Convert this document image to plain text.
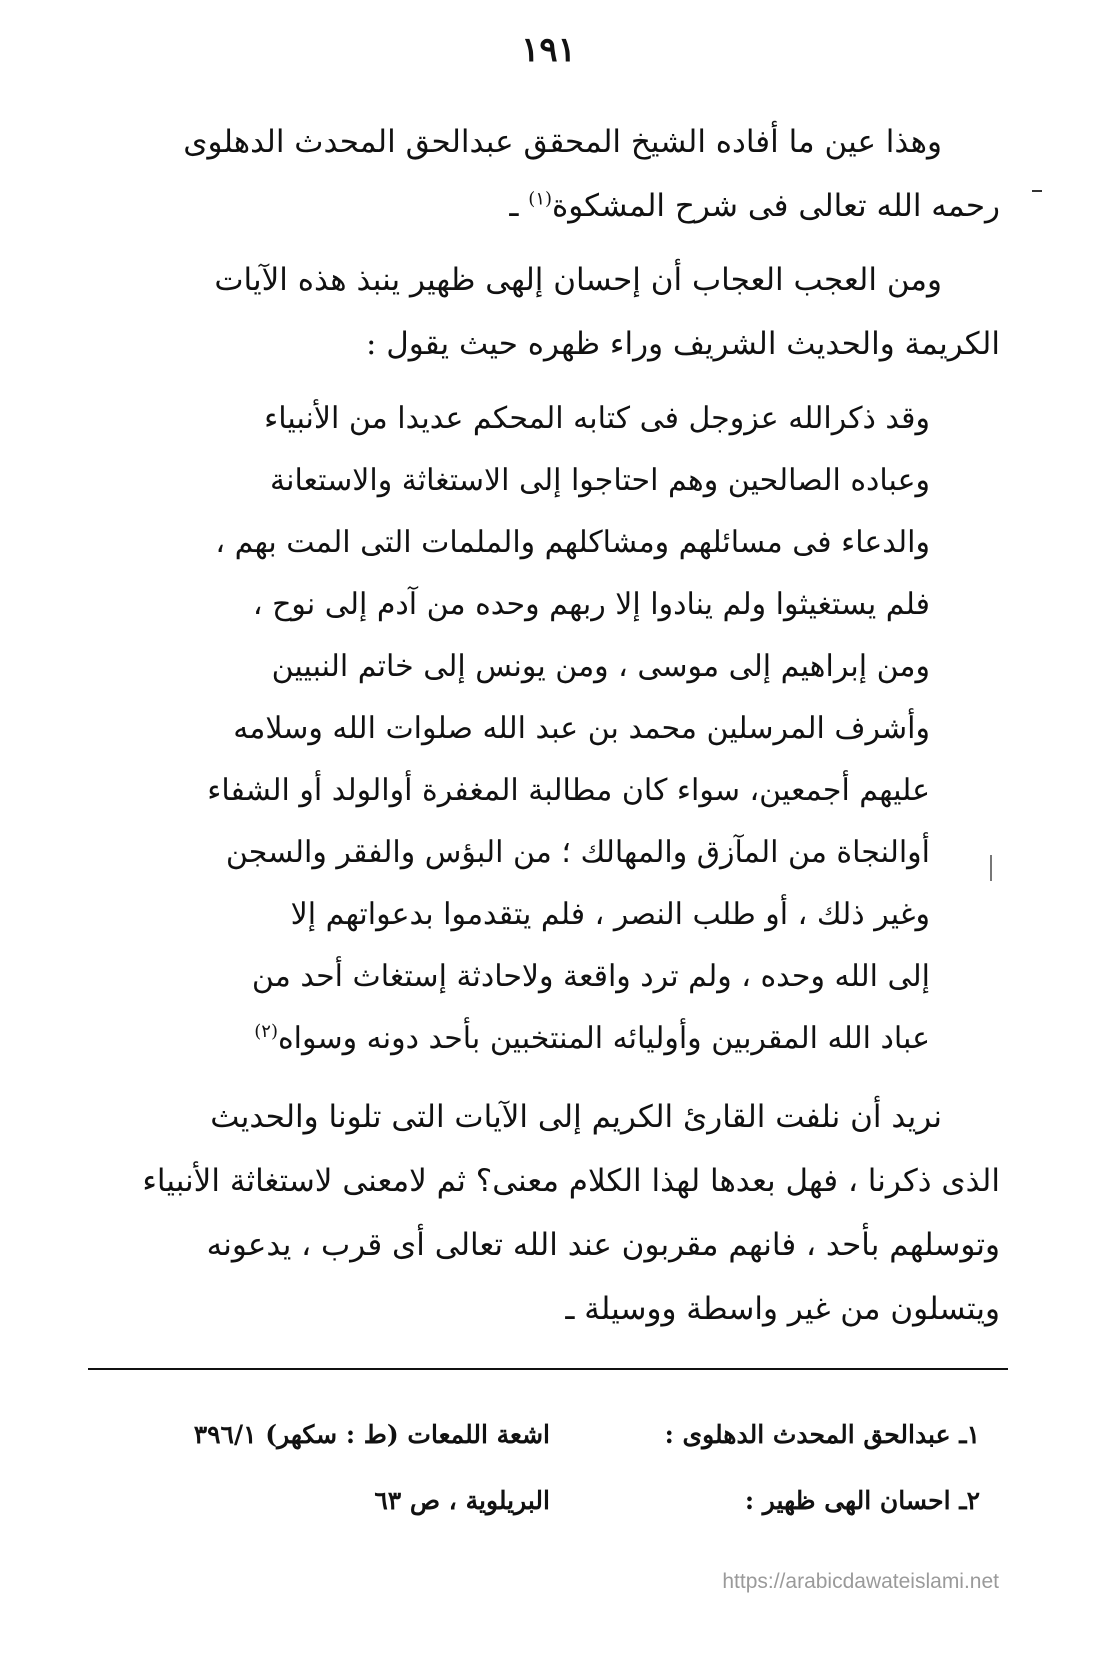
١٩١
وهذا عين ما أفاده الشيخ المحقق عبدالحق المحدث الدهلوى
رحمه الله تعالى فى شرح المشكوة$^{(١)}$ ـ
ومن العجب العجاب أن إحسان إلهى ظهير ينبذ هذه الآيات
الكريمة والحديث الشريف وراء ظهره حيث يقول :
وقد ذكرالله عزوجل فى كتابه المحكم عديدا من الأنبياء
وعباده الصالحين وهم احتاجوا إلى الاستغاثة والاستعانة
والدعاء فى مسائلهم ومشاكلهم والملمات التى المت بهم ،
فلم يستغيثوا ولم ينادوا إلا ربهم وحده من آدم إلى نوح ،
ومن إبراهيم إلى موسى ، ومن يونس إلى خاتم النبيين
وأشرف المرسلين محمد بن عبد الله صلوات الله وسلامه
عليهم أجمعين، سواء كان مطالبة المغفرة أوالولد أو الشفاء
أوالنجاة من المآزق والمهالك ؛ من البؤس والفقر والسجن
وغير ذلك ، أو طلب النصر ، فلم يتقدموا بدعواتهم إلا
إلى الله وحده ، ولم ترد واقعة ولاحادثة إستغاث أحد من
عباد الله المقربين وأوليائه المنتخبين بأحد دونه وسواه$^{(٢)}$
نريد أن نلفت القارئ الكريم إلى الآيات التى تلونا والحديث
الذى ذكرنا ، فهل بعدها لهذا الكلام معنى؟ ثم لامعنى لاستغاثة الأنبياء
وتوسلهم بأحد ، فانهم مقربون عند الله تعالى أى قرب ، يدعونه
ويتسلون من غير واسطة ووسيلة ـ
١ـ عبدالحق المحدث الدهلوى :
اشعة اللمعات (ط : سكهر) ٣٩٦/١
٢ـ احسان الهى ظهير :
البريلوية ، ص ٦٣
https://arabicdawateislami.net
